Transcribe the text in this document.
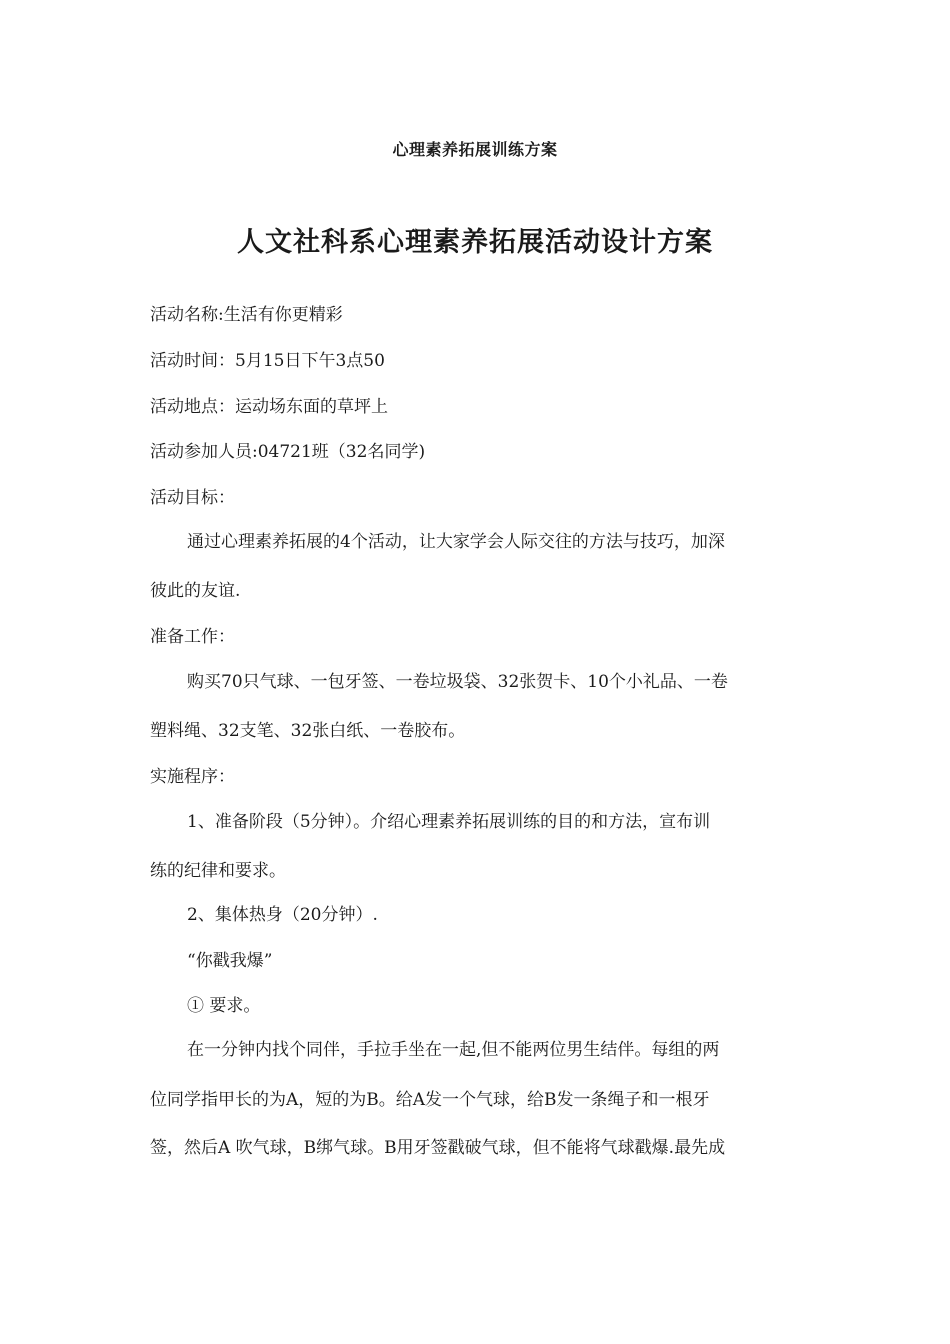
心理素养拓展训练方案
人文社科系心理素养拓展活动设计方案
活动名称:生活有你更精彩
活动时间：5月15日下午3点50
活动地点：运动场东面的草坪上
活动参加人员:04721班（32名同学)
活动目标：
通过心理素养拓展的4个活动，让大家学会人际交往的方法与技巧，加深
彼此的友谊.
准备工作：
购买70只气球、一包牙签、一卷垃圾袋、32张贺卡、10个小礼品、一卷
塑料绳、32支笔、32张白纸、一卷胶布。
实施程序：
1、准备阶段（5分钟）。介绍心理素养拓展训练的目的和方法，宣布训
练的纪律和要求。
2、集体热身（20分钟）.
“你戳我爆”
① 要求。
在一分钟内找个同伴，手拉手坐在一起,但不能两位男生结伴。每组的两
位同学指甲长的为A，短的为B。给A发一个气球，给B发一条绳子和一根牙
签，然后A 吹气球，B绑气球。B用牙签戳破气球，但不能将气球戳爆.最先成
